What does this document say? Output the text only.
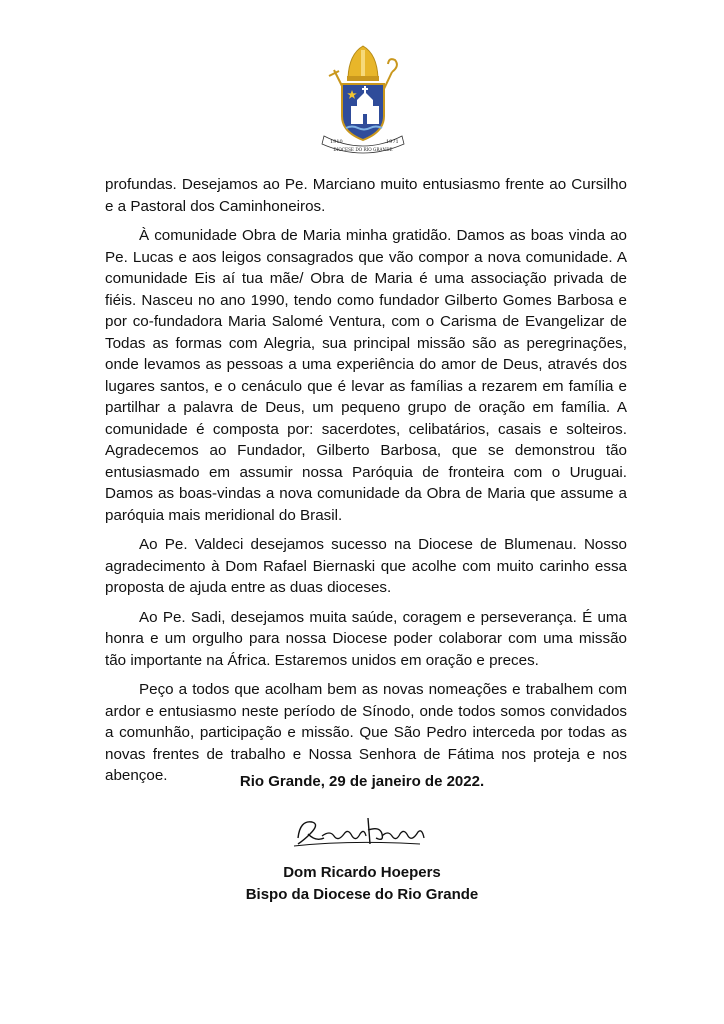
1910
DIOCESE DO RIO GRANDE
1971

profundas. Desejamos ao Pe. Marciano muito entusiasmo frente ao Cursilho e a Pastoral dos Caminhoneiros.

À comunidade Obra de Maria minha gratidão. Damos as boas vinda ao Pe. Lucas e aos leigos consagrados que vão compor a nova comunidade. A comunidade Eis aí tua mãe/ Obra de Maria é uma associação privada de fiéis. Nasceu no ano 1990, tendo como fundador Gilberto Gomes Barbosa e por co-fundadora Maria Salomé Ventura, com o Carisma de Evangelizar de Todas as formas com Alegria, sua principal missão são as peregrinações, onde levamos as pessoas a uma experiência do amor de Deus, através dos lugares santos, e o cenáculo que é levar as famílias a rezarem em família e partilhar a palavra de Deus, um pequeno grupo de oração em família. A comunidade é composta por: sacerdotes, celibatários, casais e solteiros. Agradecemos ao Fundador, Gilberto Barbosa, que se demonstrou tão entusiasmado em assumir nossa Paróquia de fronteira com o Uruguai. Damos as boas-vindas a nova comunidade da Obra de Maria que assume a paróquia mais meridional do Brasil.

Ao Pe. Valdeci desejamos sucesso na Diocese de Blumenau. Nosso agradecimento à Dom Rafael Biernaski que acolhe com muito carinho essa proposta de ajuda entre as duas dioceses.

Ao Pe. Sadi, desejamos muita saúde, coragem e perseverança. É uma honra e um orgulho para nossa Diocese poder colaborar com uma missão tão importante na África. Estaremos unidos em oração e preces.

Peço a todos que acolham bem as novas nomeações e trabalhem com ardor e entusiasmo neste período de Sínodo, onde todos somos convidados a comunhão, participação e missão. Que São Pedro interceda por todas as novas frentes de trabalho e Nossa Senhora de Fátima nos proteja e nos abençoe.	Rio Grande, 29 de janeiro de 2022.
Dom Ricardo Hoepers
Bispo da Diocese do Rio Grande
